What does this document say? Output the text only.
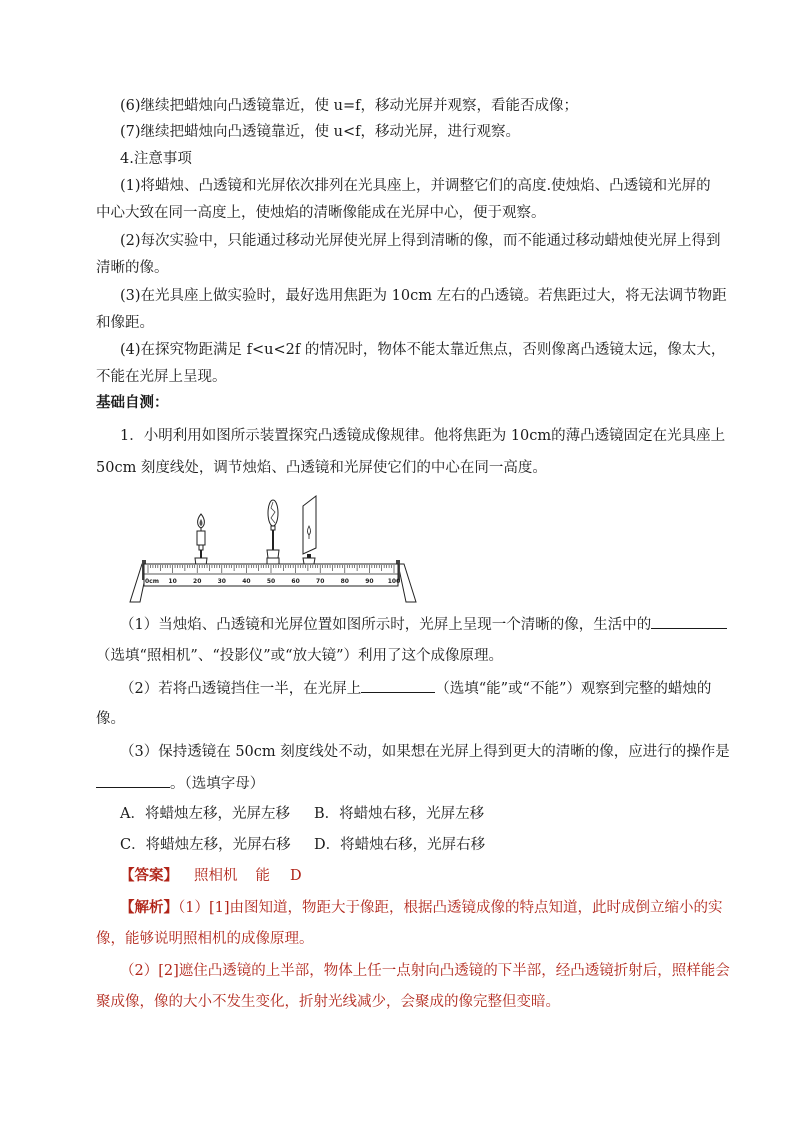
(6)继续把蜡烛向凸透镜靠近，使 u=f，移动光屏并观察，看能否成像；
(7)继续把蜡烛向凸透镜靠近，使 u<f，移动光屏，进行观察。
4.注意事项
(1)将蜡烛、凸透镜和光屏依次排列在光具座上，并调整它们的高度.使烛焰、凸透镜和光屏的
中心大致在同一高度上，使烛焰的清晰像能成在光屏中心，便于观察。
(2)每次实验中，只能通过移动光屏使光屏上得到清晰的像，而不能通过移动蜡烛使光屏上得到
清晰的像。
(3)在光具座上做实验时，最好选用焦距为 10cm 左右的凸透镜。若焦距过大，将无法调节物距
和像距。
(4)在探究物距满足 f<u<2f 的情况时，物体不能太靠近焦点，否则像离凸透镜太远，像太大，
不能在光屏上呈现。
基础自测：
1．小明利用如图所示装置探究凸透镜成像规律。他将焦距为 10cm的薄凸透镜固定在光具座上
50cm 刻度线处，调节烛焰、凸透镜和光屏使它们的中心在同一高度。
0cm 10	20	30	40	50	60	70	80	90 100
（1）当烛焰、凸透镜和光屏位置如图所示时，光屏上呈现一个清晰的像，生活中的
（选填“照相机”、“投影仪”或“放大镜”）利用了这个成像原理。
（2）若将凸透镜挡住一半，在光屏上	（选填“能”或“不能”）观察到完整的蜡烛的
像。
（3）保持透镜在 50cm 刻度线处不动，如果想在光屏上得到更大的清晰的像，应进行的操作是
。（选填字母）
A．将蜡烛左移，光屏左移 B．将蜡烛右移，光屏左移
C．将蜡烛左移，光屏右移 D．将蜡烛右移，光屏右移
【答案】 照相机 能 D
【解析】（1）[1]由图知道，物距大于像距，根据凸透镜成像的特点知道，此时成倒立缩小的实
像，能够说明照相机的成像原理。
（2）[2]遮住凸透镜的上半部，物体上任一点射向凸透镜的下半部，经凸透镜折射后，照样能会
聚成像，像的大小不发生变化，折射光线减少，会聚成的像完整但变暗。
